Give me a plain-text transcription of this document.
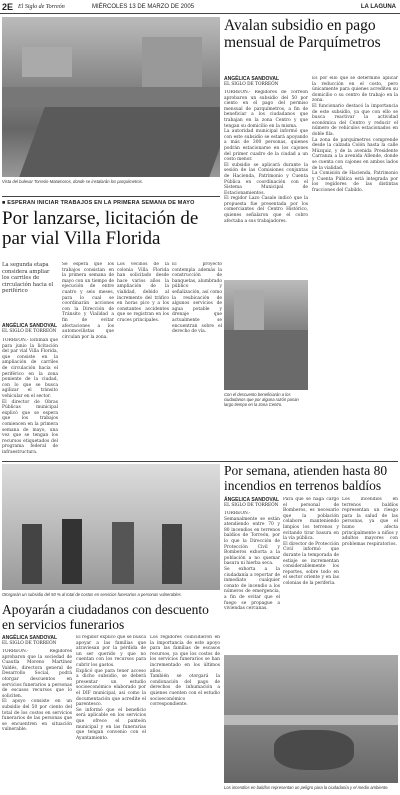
2E El Siglo de Torreón	MIÉRCOLES 13 DE MARZO DE 2005	LA LAGUNA
Vista del bulevar Torreón-Matamoros, donde se instalarán los parquímetros.
Avalan subsidio en pago mensual de Parquímetros
ANGÉLICA SANDOVAL
EL SIGLO DE TORREÓN

TORREÓN.- Regidores de Torreón aprobaron un subsidio del 50 por ciento en el pago del permiso mensual de parquímetros, a fin de beneficiar a los ciudadanos que trabajan en la zona Centro y que tengan su domicilio en la misma.

La autoridad municipal informó que con este subsidio se estará apoyando a más de 300 personas, quienes podrán estacionarse en los cajones del primer cuadro de la ciudad a un costo menor.

El subsidio se aplicará durante la sesión de las Comisiones conjuntas de Hacienda, Patrimonio y Cuenta Pública en coordinación con el Sistema Municipal de Estacionamientos.

El regidor Lazo Casale indicó que la propuesta fue presentada por los comerciantes del Centro Histórico, quienes señalaron que el cobro afectaba a sus trabajadores.

Es por ello que se determinó aplicar la reducción en el costo, pero únicamente para quienes acrediten su domicilio o su centro de trabajo en la zona.

El funcionario destacó la importancia de este subsidio, ya que con ello se busca reactivar la actividad económica del Centro y reducir el número de vehículos estacionados en doble fila.

La zona de parquímetros comprende desde la calzada Colón hasta la calle Múzquiz, y de la avenida Presidente Carranza a la avenida Allende, donde se cuenta con cajones en ambos lados de la vialidad.

La Comisión de Hacienda, Patrimonio y Cuenta Pública está integrada por los regidores de las distintas fracciones del Cabildo.

Con el descuento beneficiarán a los ciudadanos que por alguna razón pasan largo tiempo en la zona Centro.
■ ESPERAN INICIAR TRABAJOS EN LA PRIMERA SEMANA DE MAYO
Por lanzarse, licitación de par vial Villa Florida
La segunda etapa considera ampliar los carriles de circulación hacia el periférico
ANGÉLICA SANDOVAL
EL SIGLO DE TORREÓN

TORREÓN.- Estiman que para junio la licitación del par vial Villa Florida, que consiste en la ampliación de carriles de circulación hacia el periférico en la zona poniente de la ciudad, con lo que se busca agilizar el tránsito vehicular en el sector.

El director de Obras Públicas municipal explicó que se espera que los trabajos comiencen en la primera semana de mayo, una vez que se tengan los recursos etiquetados del programa federal de infraestructura.

Se espera que los trabajos consistan en la primera semana de mayo con un tiempo de ejecución de entre cuatro y seis meses, para lo cual se coordinarán acciones con la Dirección de Tránsito y Vialidad a fin de evitar afectaciones a los automovilistas que circulan por la zona.

Los vecinos de la colonia Villa Florida han solicitado desde hace varios años la ampliación de la vialidad, debido al incremento del tráfico en horas pico y a los constantes accidentes que se registran en los cruces principales.

El proyecto contempla además la construcción de banquetas, alumbrado público y señalización, así como la reubicación de algunos servicios de agua potable y drenaje que actualmente se encuentran sobre el derecho de vía.

Otorgarán un subsidio del 50 % al total de costos en servicios funerarios a personas vulnerables.
Por semana, atienden hasta 80 incendios en terrenos baldíos
ÁNGELICA SANDOVAL
EL SIGLO DE TORREÓN

TORREÓN.- Semanalmente se están atendiendo entre 70 y 80 incendios en terrenos baldíos de Torreón, por lo que la Dirección de Protección Civil y Bomberos exhorta a la población a no quemar basura ni hierba seca.

Se exhorta a la ciudadanía a reportar de inmediato cualquier conato de incendio a los números de emergencia, a fin de evitar que el fuego se propague a viviendas cercanas.

Para que se haga cargo el personal de Bomberos, es necesario que la población colabore manteniendo limpios los terrenos y evitando tirar basura en la vía pública.

El director de Protección Civil informó que durante la temporada de estiaje se incrementan considerablemente los reportes, sobre todo en el sector oriente y en las colonias de la periferia.

Los incendios en terrenos baldíos representan un riesgo para la salud de las personas, ya que el humo afecta principalmente a niños y adultos mayores con problemas respiratorios.

Los incendios en baldíos representan un peligro para la ciudadanía y el medio ambiente.
Apoyarán a ciudadanos con descuento en servicios funerarios
ANGÉLICA SANDOVAL
EL SIGLO DE TORREÓN

TORREÓN.- Regidores aprobaron que la sociedad de Cuautla Moreno Martínez Valdés, directora general de Desarrollo Social, podrá otorgar descuentos en servicios funerarios a personas de escasos recursos que lo soliciten.

El apoyo consiste en un subsidio del 50 por ciento del total de los costos en servicios funerarios de las personas que se encuentren en situación vulnerable.

El regidor explicó que se busca apoyar a las familias que atraviesan por la pérdida de un ser querido y que no cuentan con los recursos para cubrir los gastos.

Explicó que para tener acceso a dicho subsidio, se deberá presentar un estudio socioeconómico elaborado por el DIF municipal, así como la documentación que acredite el parentesco.

Se informó que el beneficio será aplicable en los servicios que ofrece el panteón municipal y en las funerarias que tengan convenio con el Ayuntamiento.

Los regidores coincidieron en la importancia de este apoyo para las familias de escasos recursos, ya que los costos de los servicios funerarios se han incrementado en los últimos años.

También se otorgará la condonación del pago de derechos de inhumación a quienes cuenten con el estudio socioeconómico correspondiente.
